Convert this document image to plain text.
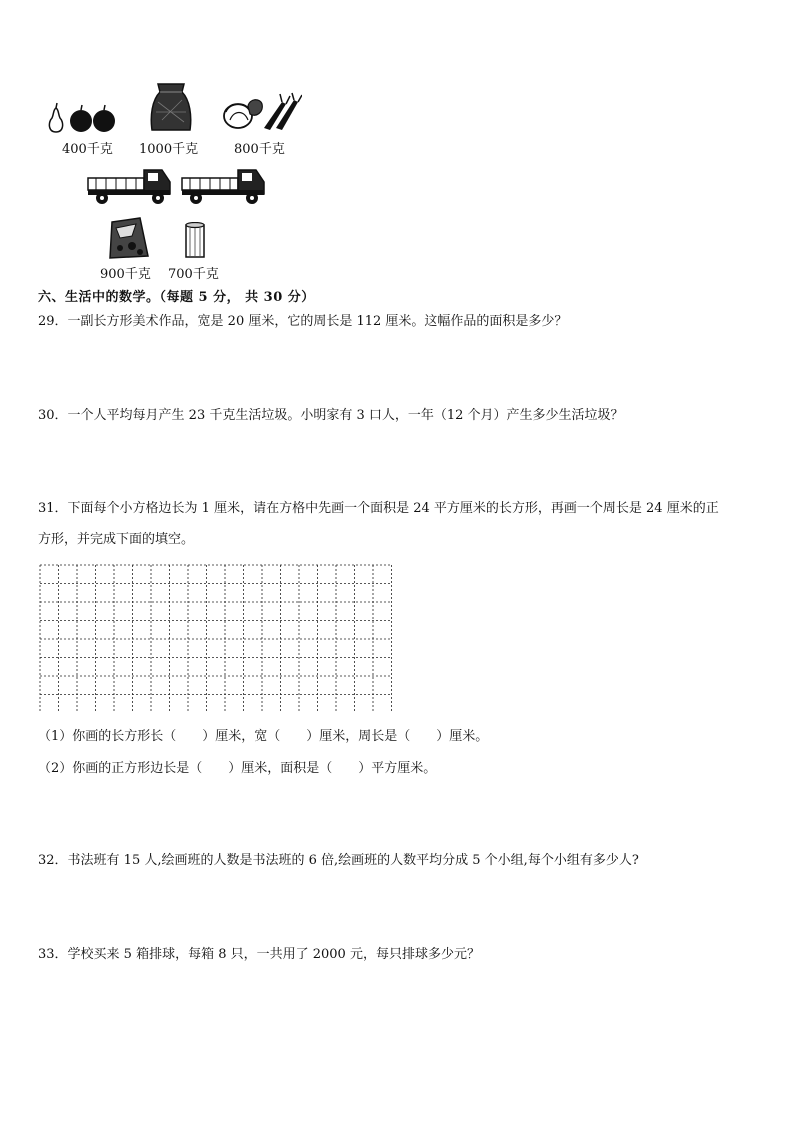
400千克 1000千克	800千克
900千克 700千克
六、生活中的数学。（每题 5 分， 共 30 分）
29．一副长方形美术作品，宽是 20 厘米，它的周长是 112 厘米。这幅作品的面积是多少？
30．一个人平均每月产生 23 千克生活垃圾。小明家有 3 口人，一年（12 个月）产生多少生活垃圾？
31．下面每个小方格边长为 1 厘米，请在方格中先画一个面积是 24 平方厘米的长方形，再画一个周长是 24 厘米的正
方形，并完成下面的填空。
（1）你画的长方形长（　　）厘米，宽（　　）厘米，周长是（　　）厘米。
（2）你画的正方形边长是（　　）厘米，面积是（　　）平方厘米。
32．书法班有 15 人,绘画班的人数是书法班的 6 倍,绘画班的人数平均分成 5 个小组,每个小组有多少人?
33．学校买来 5 箱排球，每箱 8 只，一共用了 2000 元，每只排球多少元？
